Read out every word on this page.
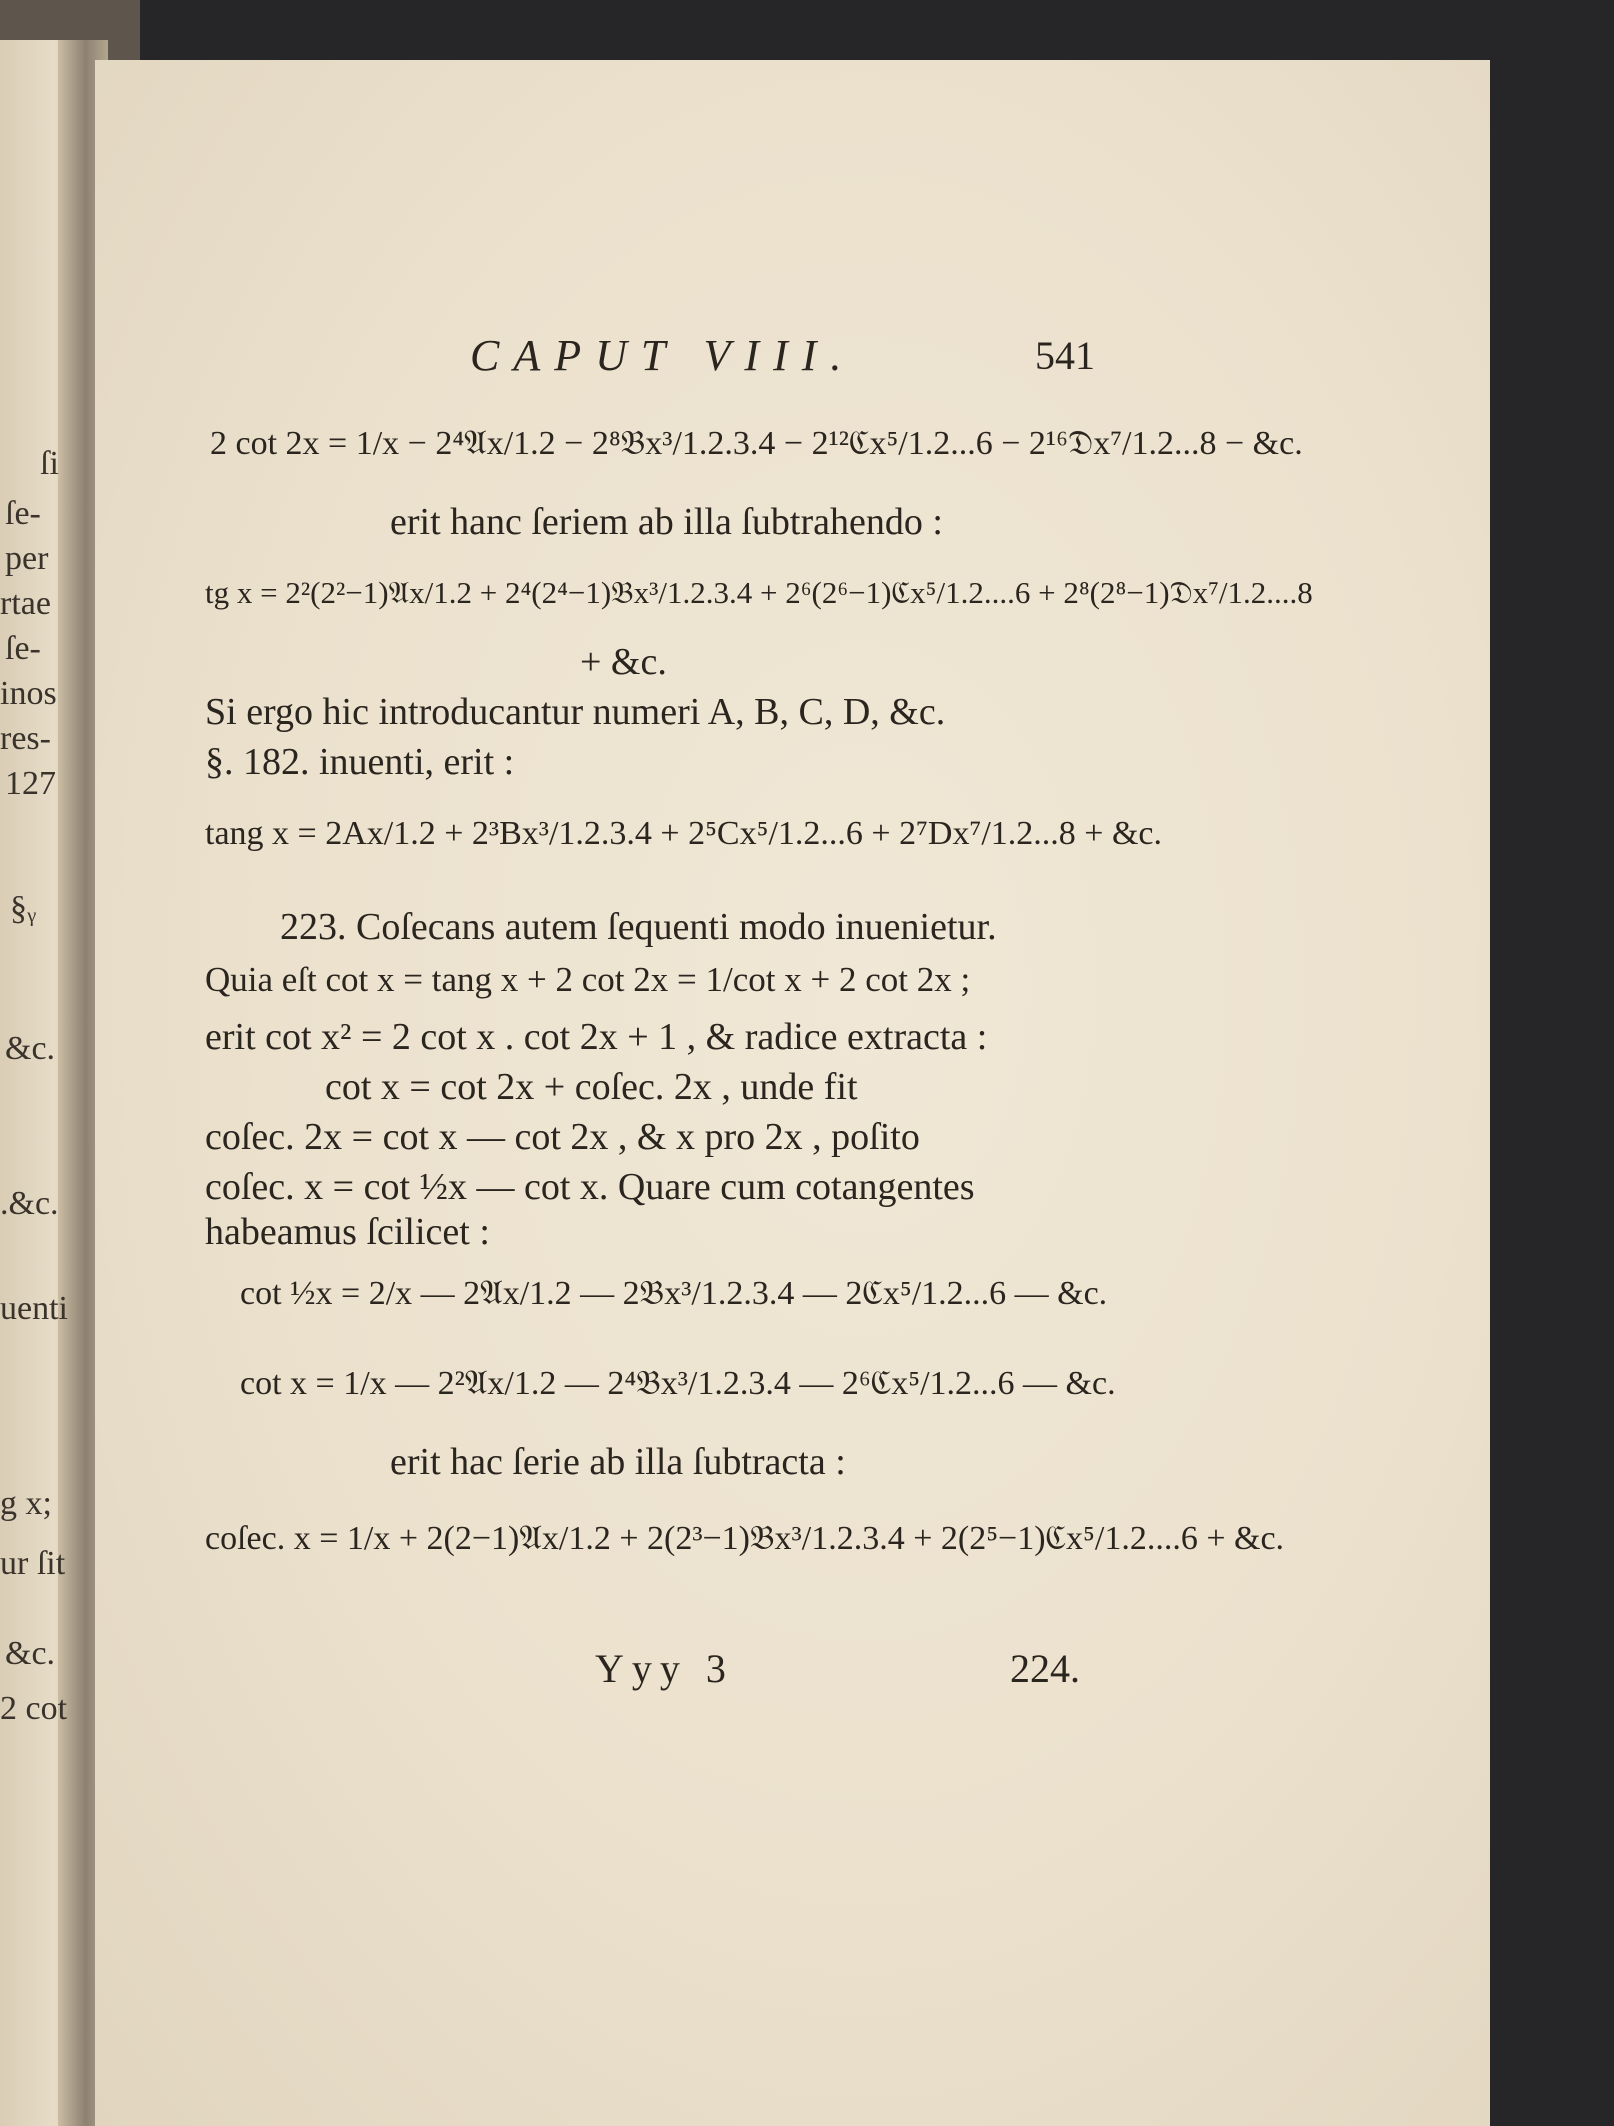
ſi
ſe-
per
rtae
ſe-
inos
res-
127
§ᵧ
&c.
.&c.
uenti
g x;
ur ſit
&c.
2 cot
CAPUT VIII.	541
2 cot 2x = 1/x − 2⁴𝔄x/1.2 − 2⁸𝔅x³/1.2.3.4 − 2¹²ℭx⁵/1.2...6 − 2¹⁶𝔇x⁷/1.2...8 − &c.
erit hanc ſeriem ab illa ſubtrahendo :
tg x = 2²(2²−1)𝔄x/1.2 + 2⁴(2⁴−1)𝔅x³/1.2.3.4 + 2⁶(2⁶−1)ℭx⁵/1.2....6 + 2⁸(2⁸−1)𝔇x⁷/1.2....8
+ &c.
Si ergo hic introducantur numeri A, B, C, D, &c.
§. 182. inuenti, erit :
tang x = 2Ax/1.2 + 2³Bx³/1.2.3.4 + 2⁵Cx⁵/1.2...6 + 2⁷Dx⁷/1.2...8 + &c.
223. Coſecans autem ſequenti modo inuenietur.
Quia eſt cot x = tang x + 2 cot 2x = 1/cot x + 2 cot 2x ;
erit cot x² = 2 cot x . cot 2x + 1 , & radice extracta :
cot x = cot 2x + coſec. 2x , unde fit
coſec. 2x = cot x — cot 2x , & x pro 2x , poſito
coſec. x = cot ½x — cot x. Quare cum cotangentes
habeamus ſcilicet :
cot ½x = 2/x — 2𝔄x/1.2 — 2𝔅x³/1.2.3.4 — 2ℭx⁵/1.2...6 — &c.
cot x = 1/x — 2²𝔄x/1.2 — 2⁴𝔅x³/1.2.3.4 — 2⁶ℭx⁵/1.2...6 — &c.
erit hac ſerie ab illa ſubtracta :
coſec. x = 1/x + 2(2−1)𝔄x/1.2 + 2(2³−1)𝔅x³/1.2.3.4 + 2(2⁵−1)ℭx⁵/1.2....6 + &c.
Yyy 3	224.
